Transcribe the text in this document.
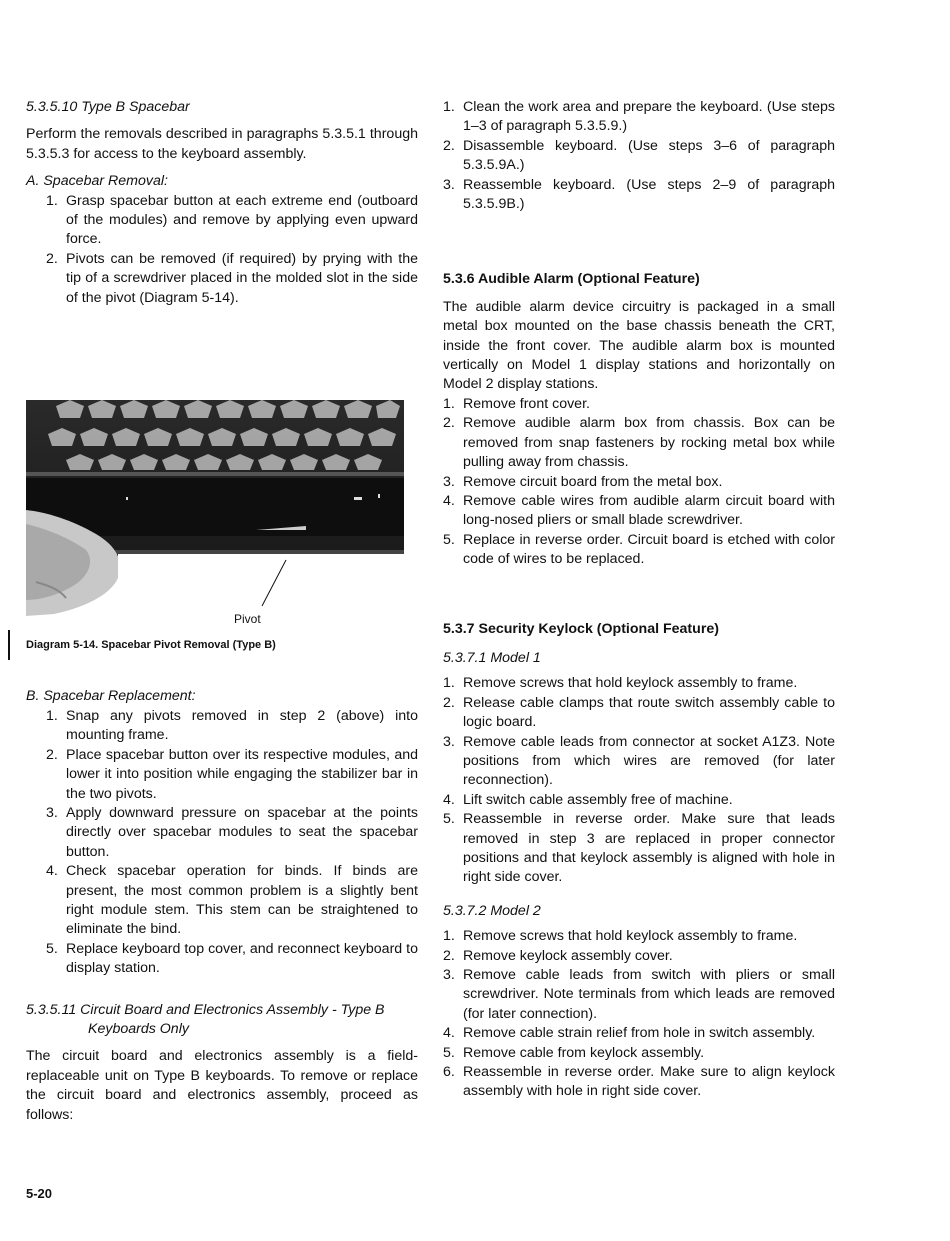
5.3.5.10 Type B Spacebar

Perform the removals described in paragraphs 5.3.5.1 through 5.3.5.3 for access to the keyboard assembly.

A. Spacebar Removal:

1. Grasp spacebar button at each extreme end (outboard of the modules) and remove by applying even upward force.
2. Pivots can be removed (if required) by prying with the tip of a screwdriver placed in the molded slot in the side of the pivot (Diagram 5-14).
Pivot
Diagram 5-14. Spacebar Pivot Removal (Type B)

B. Spacebar Replacement:

1. Snap any pivots removed in step 2 (above) into mounting frame.
2. Place spacebar button over its respective modules, and lower it into position while engaging the stabilizer bar in the two pivots.
3. Apply downward pressure on spacebar at the points directly over spacebar modules to seat the spacebar button.
4. Check spacebar operation for binds. If binds are present, the most common problem is a slightly bent right module stem. This stem can be straightened to eliminate the bind.
5. Replace keyboard top cover, and reconnect keyboard to display station.
5.3.5.11 Circuit Board and Electronics Assembly - Type B
Keyboards Only

The circuit board and electronics assembly is a field-replaceable unit on Type B keyboards. To remove or replace the circuit board and electronics assembly, proceed as follows:

1. Clean the work area and prepare the keyboard. (Use steps 1–3 of paragraph 5.3.5.9.)
2. Disassemble keyboard. (Use steps 3–6 of paragraph 5.3.5.9A.)
3. Reassemble keyboard. (Use steps 2–9 of paragraph 5.3.5.9B.)
5.3.6 Audible Alarm (Optional Feature)

The audible alarm device circuitry is packaged in a small metal box mounted on the base chassis beneath the CRT, inside the front cover. The audible alarm box is mounted vertically on Model 1 display stations and horizontally on Model 2 display stations.

1. Remove front cover.
2. Remove audible alarm box from chassis. Box can be removed from snap fasteners by rocking metal box while pulling away from chassis.
3. Remove circuit board from the metal box.
4. Remove cable wires from audible alarm circuit board with long-nosed pliers or small blade screwdriver.
5. Replace in reverse order. Circuit board is etched with color code of wires to be replaced.
5.3.7 Security Keylock (Optional Feature)

5.3.7.1 Model 1

1. Remove screws that hold keylock assembly to frame.
2. Release cable clamps that route switch assembly cable to logic board.
3. Remove cable leads from connector at socket A1Z3. Note positions from which wires are removed (for later reconnection).
4. Lift switch cable assembly free of machine.
5. Reassemble in reverse order. Make sure that leads removed in step 3 are replaced in proper connector positions and that keylock assembly is aligned with hole in right side cover.

5.3.7.2 Model 2

1. Remove screws that hold keylock assembly to frame.
2. Remove keylock assembly cover.
3. Remove cable leads from switch with pliers or small screwdriver. Note terminals from which leads are removed (for later connection).
4. Remove cable strain relief from hole in switch assembly.
5. Remove cable from keylock assembly.
6. Reassemble in reverse order. Make sure to align keylock assembly with hole in right side cover.
5-20
